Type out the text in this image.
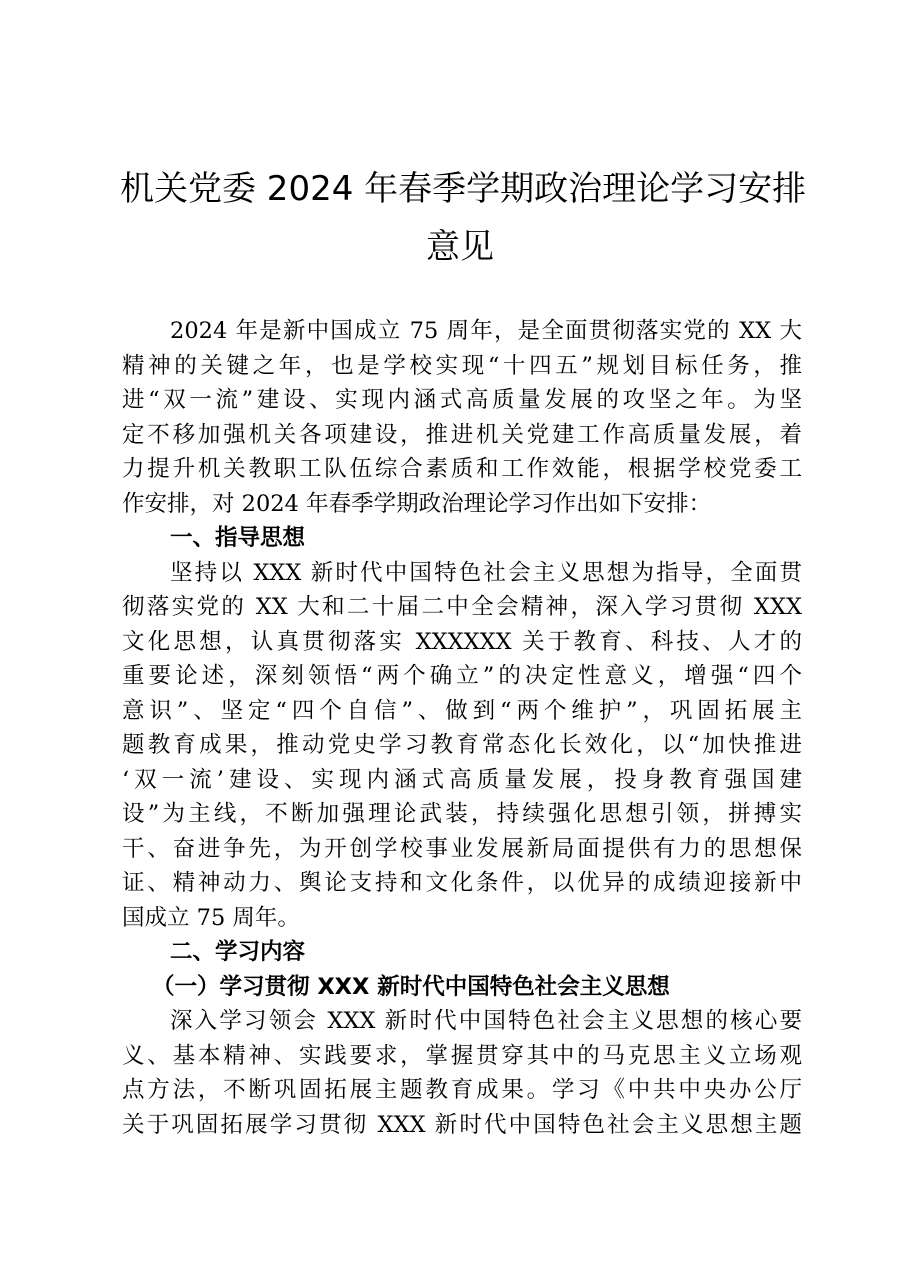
机关党委 2024 年春季学期政治理论学习安排
意见
2024 年是新中国成立 75 周年，是全面贯彻落实党的 XX 大
精神的关键之年，也是学校实现“十四五”规划目标任务，推
进“双一流”建设、实现内涵式高质量发展的攻坚之年。为坚
定不移加强机关各项建设，推进机关党建工作高质量发展，着
力提升机关教职工队伍综合素质和工作效能，根据学校党委工
作安排，对 2024 年春季学期政治理论学习作出如下安排：
一、指导思想
坚持以 XXX 新时代中国特色社会主义思想为指导，全面贯
彻落实党的 XX 大和二十届二中全会精神，深入学习贯彻 XXX
文化思想，认真贯彻落实 XXXXXX 关于教育、科技、人才的
重要论述，深刻领悟“两个确立”的决定性意义，增强“四个
意识”、坚定“四个自信”、做到“两个维护”，巩固拓展主
题教育成果，推动党史学习教育常态化长效化，以“加快推进
‘双一流’建设、实现内涵式高质量发展，投身教育强国建
设”为主线，不断加强理论武装，持续强化思想引领，拼搏实
干、奋进争先，为开创学校事业发展新局面提供有力的思想保
证、精神动力、舆论支持和文化条件，以优异的成绩迎接新中
国成立 75 周年。
二、学习内容
（一）学习贯彻 XXX 新时代中国特色社会主义思想
深入学习领会 XXX 新时代中国特色社会主义思想的核心要
义、基本精神、实践要求，掌握贯穿其中的马克思主义立场观
点方法，不断巩固拓展主题教育成果。学习《中共中央办公厅
关于巩固拓展学习贯彻 XXX 新时代中国特色社会主义思想主题
